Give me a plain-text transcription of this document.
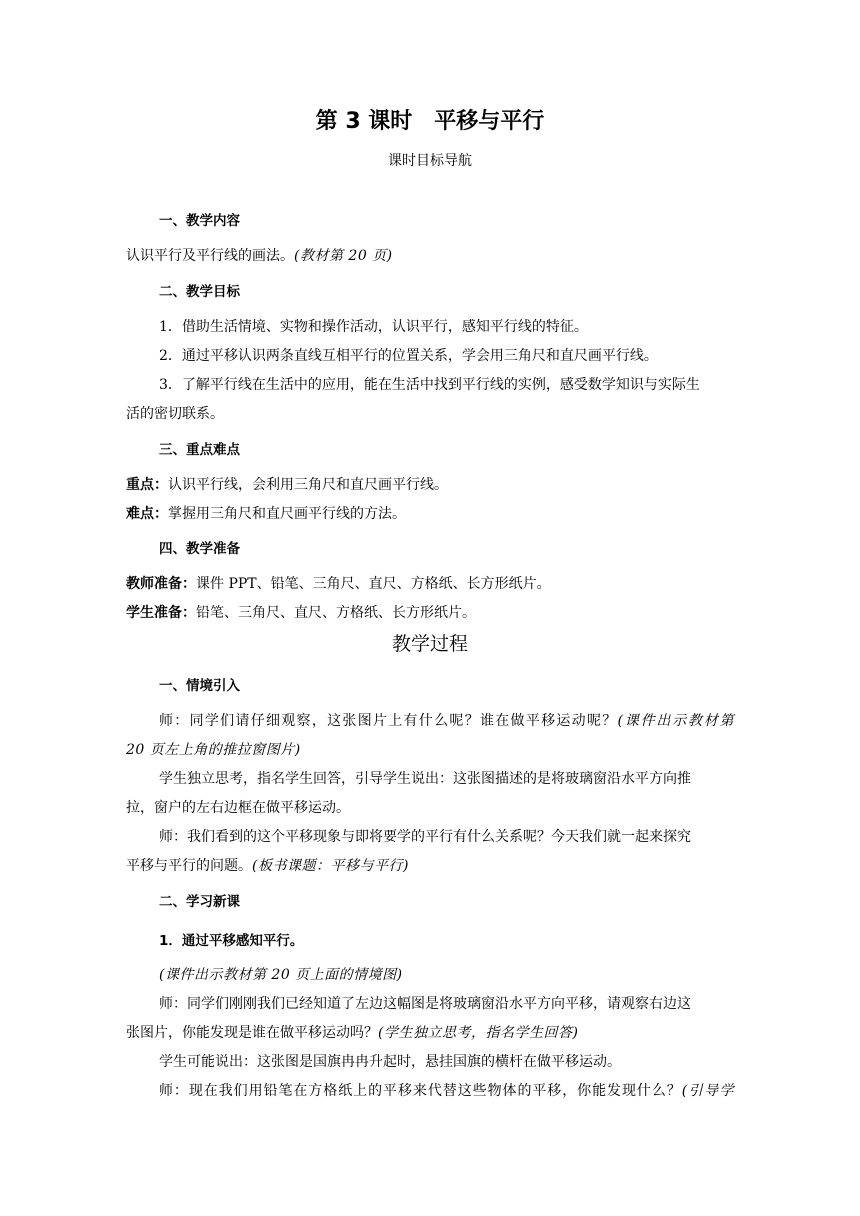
第 3 课时　平移与平行
课时目标导航
一、教学内容
认识平行及平行线的画法。(教材第 20 页)
二、教学目标
1．借助生活情境、实物和操作活动，认识平行，感知平行线的特征。
2．通过平移认识两条直线互相平行的位置关系，学会用三角尺和直尺画平行线。
3．了解平行线在生活中的应用，能在生活中找到平行线的实例，感受数学知识与实际生
活的密切联系。
三、重点难点
重点：认识平行线，会利用三角尺和直尺画平行线。
难点：掌握用三角尺和直尺画平行线的方法。
四、教学准备
教师准备：课件 PPT、铅笔、三角尺、直尺、方格纸、长方形纸片。
学生准备：铅笔、三角尺、直尺、方格纸、长方形纸片。
教学过程
一、情境引入
师：同学们请仔细观察，这张图片上有什么呢？谁在做平移运动呢？(课件出示教材第
20 页左上角的推拉窗图片)
学生独立思考，指名学生回答，引导学生说出：这张图描述的是将玻璃窗沿水平方向推
拉，窗户的左右边框在做平移运动。
师：我们看到的这个平移现象与即将要学的平行有什么关系呢？今天我们就一起来探究
平移与平行的问题。(板书课题：平移与平行)
二、学习新课
1．通过平移感知平行。
(课件出示教材第 20 页上面的情境图)
师：同学们刚刚我们已经知道了左边这幅图是将玻璃窗沿水平方向平移，请观察右边这
张图片，你能发现是谁在做平移运动吗？(学生独立思考，指名学生回答)
学生可能说出：这张图是国旗冉冉升起时，悬挂国旗的横杆在做平移运动。
师：现在我们用铅笔在方格纸上的平移来代替这些物体的平移，你能发现什么？(引导学
